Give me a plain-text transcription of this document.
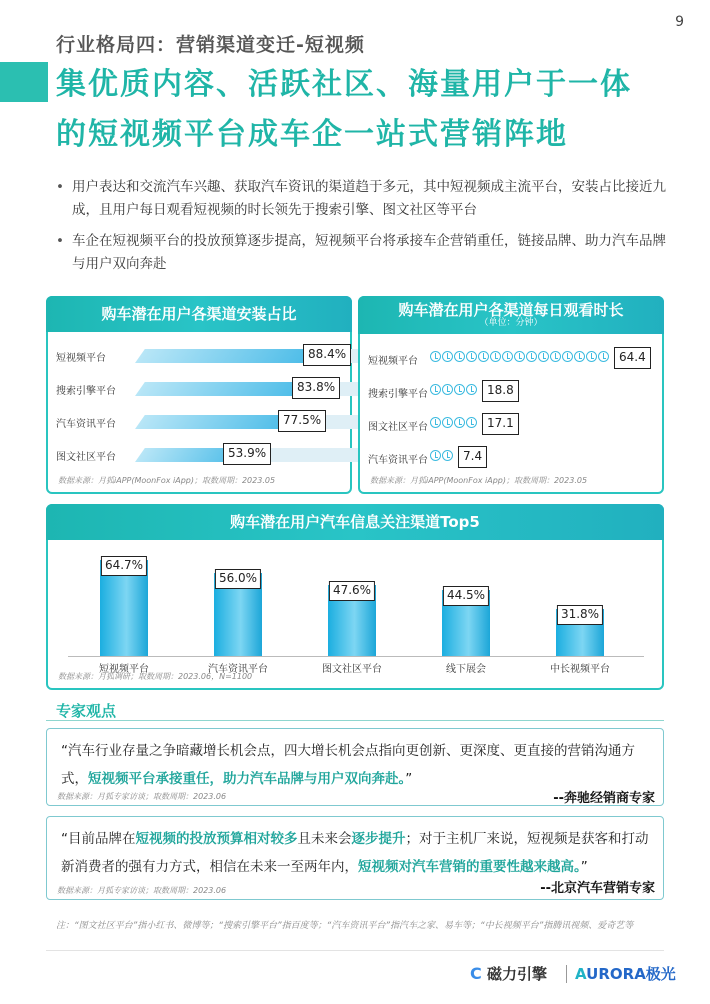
9
行业格局四：营销渠道变迁-短视频
集优质内容、活跃社区、海量用户于一体
的短视频平台成车企一站式营销阵地
• 用户表达和交流汽车兴趣、获取汽车资讯的渠道趋于多元，其中短视频成主流平台，安装占比接近九成，且用户每日观看短视频的时长领先于搜索引擎、图文社区等平台
• 车企在短视频平台的投放预算逐步提高，短视频平台将承接车企营销重任，链接品牌、助力汽车品牌与用户双向奔赴
购车潜在用户各渠道安装占比
短视频平台	88.4%
搜索引擎平台	83.8%
汽车资讯平台	77.5%
图文社区平台	53.9%
数据来源：月狐iAPP(MoonFox iApp)；取数周期：2023.05
购车潜在用户各渠道每日观看时长
（单位：分钟）
短视频平台	64.4
搜索引擎平台	18.8
图文社区平台	17.1
汽车资讯平台	7.4
数据来源：月狐iAPP(MoonFox iApp)；取数周期：2023.05
购车潜在用户汽车信息关注渠道Top5
64.7%
短视频平台
56.0%
汽车资讯平台
47.6%
图文社区平台
44.5%
线下展会
31.8%
中长视频平台
数据来源：月狐调研；取数周期：2023.06，N=1100
专家观点
“汽车行业存量之争暗藏增长机会点，四大增长机会点指向更创新、更深度、更直接的营销沟通方式，短视频平台承接重任，助力汽车品牌与用户双向奔赴。”
--奔驰经销商专家
数据来源：月狐专家访谈；取数周期：2023.06
“目前品牌在短视频的投放预算相对较多且未来会逐步提升；对于主机厂来说，短视频是获客和打动新消费者的强有力方式，相信在未来一至两年内，短视频对汽车营销的重要性越来越高。”
--北京汽车营销专家
数据来源：月狐专家访谈；取数周期：2023.06
注：“图文社区平台”指小红书、微博等；“搜索引擎平台”指百度等；“汽车资讯平台”指汽车之家、易车等；“中长视频平台”指腾讯视频、爱奇艺等
C 磁力引擎 AURORA极光
